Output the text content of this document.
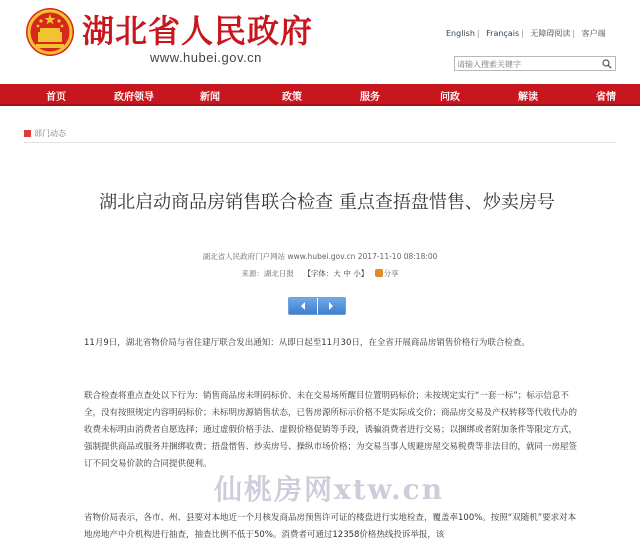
湖北省人民政府
www.hubei.gov.cn
English | Français | 无障碍阅读 | 客户端
请输入搜索关键字
首页	政府领导	新闻	政策	服务	问政	解读	省情
部门动态
湖北启动商品房销售联合检查 重点查捂盘惜售、炒卖房号
湖北省人民政府门户网站 www.hubei.gov.cn 2017-11-10 08:18:00
来源：湖北日报 【字体：大 中 小】 分享

11月9日，湖北省物价局与省住建厅联合发出通知：从即日起至11月30日，在全省开展商品房销售价格行为联合检查。

联合检查将重点查处以下行为：销售商品房未明码标价、未在交易场所醒目位置明码标价；未按规定实行“一套一标”；标示信息不全，没有按照规定内容明码标价；未标明房源销售状态，已售房源所标示价格不是实际成交价；商品房交易及产权转移等代收代办的收费未标明由消费者自愿选择；通过虚假价格手法、虚假价格促销等手段，诱骗消费者进行交易；以捆绑或者附加条件等限定方式，强制提供商品或服务并捆绑收费；捂盘惜售、炒卖房号、操纵市场价格；为交易当事人规避房屋交易税费等非法目的，就同一房屋签订不同交易价款的合同提供便利。

省物价局表示，各市、州、县要对本地近一个月核发商品房预售许可证的楼盘进行实地检查，覆盖率100%。按照“双随机”要求对本地房地产中介机构进行抽查，抽查比例不低于50%。消费者可通过12358价格热线投诉举报，该

仙桃房网xtw.cn
